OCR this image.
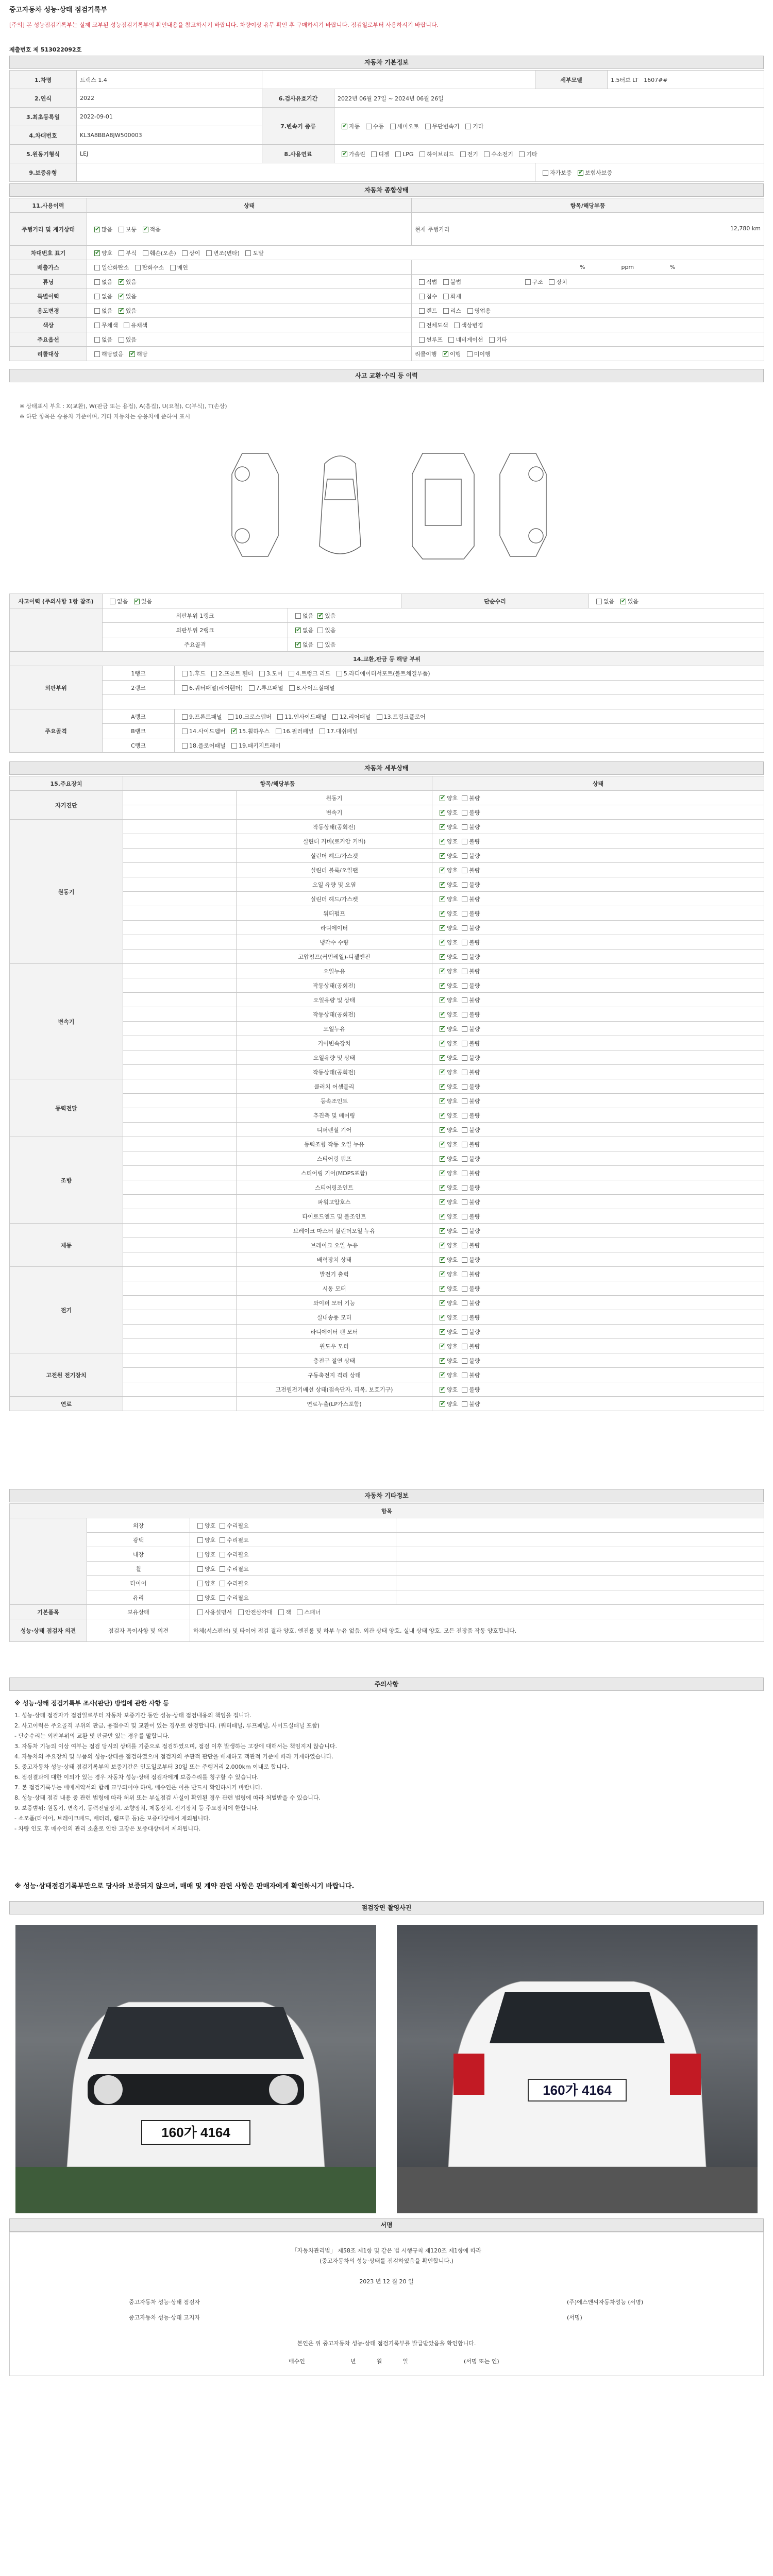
중고자동차 성능·상태 점검기록부
[주의] 본 성능점검기록부는 실제 교부된 성능점검기록부의 확인내용을 참고하시기 바랍니다. 차량이상 유무 확인 후 구매하시기 바랍니다. 점검일로부터 사용하시기 바랍니다.
제출번호 제 513022092호
자동차 기본정보
1.차명	트랙스 1.4			세부모델	1.5터보 LT 1607##
2.연식	2022	6.검사유효기간	2022년 06월 27일 ~ 2024년 06월 26일		
3.최초등록일	2022-09-01	7.변속기 종류	✔자동 수동 세미오토 무단변속기 기타
4.차대번호	KL3A8BBA8JW500003				
5.원동기형식	LEJ	8.사용연료	✔가솔린 디젤 LPG 하이브리드 전기 수소전기 기타
9.보증유형				자가보증 ✔ 보험사보증
자동차 종합상태
11.사용이력	상태	항목/해당부품
주행거리 및 계기상태	✔많음 보통 ✔ 적음	현재 주행거리 12,780 km

차대번호 표기	✔양호 부식 훼손(오손) 상이 변조(변타) 도말
배출가스	일산화탄소 탄화수소 매연	% ppm %
튜닝	없음 ✔ 있음	적법 불법 구조 장치
특별이력	없음 ✔ 있음	침수 화재
용도변경	없음 ✔ 있음	렌트 리스 영업용
색상	무채색 유채색	전체도색 색상변경
주요옵션	없음 있음	썬루프 네비게이션 기타
리콜대상	해당없음 ✔ 해당	리콜이행 ✔ 이행 미이행
사고 교환·수리 등 이력
※ 상태표시 부호 : X(교환), W(판금 또는 용접), A(흠집), U(요철), C(부식), T(손상)
※ 하단 항목은 승용차 기준이며, 기타 자동차는 승용차에 준하여 표시
사고이력 (주의사항 1항 참조)	없음 ✔ 있음			단순수리	없음 ✔ 있음
	외판부위 1랭크		없음 ✔ 있음
	외판부위 2랭크	✔없음 있음
	주요골격	✔없음 있음
14.교환,판금 등 해당 부위					
외판부위	1랭크	1.후드 2.프론트 휀더 3.도어 4.트렁크 리드 5.라디에이터서포트(볼트체결부품)			
	2랭크	6.쿼터패널(리어휀더) 7.루프패널 8.사이드실패널			

주요골격	A랭크	9.프론트패널 10.크로스멤버 11.인사이드패널 12.리어패널 13.트렁크플로어			
	B랭크	14.사이드멤버 ✔ 15.휠하우스 16.필러패널 17.대쉬패널
	C랭크	18.플로어패널 19.패키지트레이			
자동차 세부상태
15.주요장치	항목/해당부품		상태
자기진단		원동기	✔양호 불량
		변속기	✔양호 불량
원동기		작동상태(공회전)	✔양호 불량
		실린더 커버(로커암 커버)	✔양호 불량
		실린더 헤드/가스켓	✔양호 불량
		실린더 블록/오일팬	✔양호 불량
		오일 유량 및 오염	✔양호 불량
		실린더 헤드/가스켓	✔양호 불량
		워터펌프	✔양호 불량
		라디에이터	✔양호 불량
		냉각수 수량	✔양호 불량
		고압펌프(커먼레일)-디젤엔진	✔양호 불량
변속기		오일누유	✔양호 불량
		작동상태(공회전)	✔양호 불량
		오일유량 및 상태	✔양호 불량
		작동상태(공회전)	✔양호 불량
		오일누유	✔양호 불량
		기어변속장치	✔양호 불량
		오일유량 및 상태	✔양호 불량
		작동상태(공회전)	✔양호 불량
동력전달		클러치 어셈블리	✔양호 불량
		등속조인트	✔양호 불량
		추진축 및 베어링	✔양호 불량
		디퍼렌셜 기어	✔양호 불량
조향		동력조향 작동 오일 누유	✔양호 불량
		스티어링 펌프	✔양호 불량
		스티어링 기어(MDPS포함)	✔양호 불량
		스티어링조인트	✔양호 불량
		파워고압호스	✔양호 불량
		타이로드엔드 및 볼조인트	✔양호 불량
제동		브레이크 마스터 실린더오일 누유	✔양호 불량
		브레이크 오일 누유	✔양호 불량
		배력장치 상태	✔양호 불량
전기		발전기 출력	✔양호 불량
		시동 모터	✔양호 불량
		와이퍼 모터 기능	✔양호 불량
		실내송풍 모터	✔양호 불량
		라디에이터 팬 모터	✔양호 불량
		윈도우 모터	✔양호 불량
고전원 전기장치		충전구 절연 상태	✔양호 불량
		구동축전지 격리 상태	✔양호 불량
		고전원전기배선 상태(접속단자, 피복, 보호기구)	✔양호 불량
연료		연료누출(LP가스포함)	✔양호 불량
자동차 기타정보
항목			
	외장	양호 수리필요	
	광택	양호 수리필요	
	내장	양호 수리필요	
	휠	양호 수리필요	
	타이어	양호 수리필요	
	유리	양호 수리필요	
기본품목	보유상태	사용설명서 안전삼각대 잭 스패너	
성능·상태 점검자 의견	점검자 특이사항 및 의견	하체(서스펜션) 및 타이어 점검 결과 양호, 엔진룸 및 하부 누유 없음. 외관 상태 양호, 실내 상태 양호. 모든 전장품 작동 양호합니다.	
주의사항
※ 성능·상태 점검기록부 조사(판단) 방법에 관한 사항 등

1. 성능·상태 점검자가 점검일로부터 자동차 보증기간 동안 성능·상태 점검내용의 책임을 집니다.

2. 사고이력은 주요골격 부위의 판금, 용접수리 및 교환이 있는 경우로 한정합니다. (쿼터패널, 루프패널, 사이드실패널 포함)

- 단순수리는 외판부위의 교환 및 판금만 있는 경우를 말합니다.

3. 자동차 기능의 이상 여부는 점검 당시의 상태를 기준으로 점검하였으며, 점검 이후 발생하는 고장에 대해서는 책임지지 않습니다.

4. 자동차의 주요장치 및 부품의 성능·상태를 점검하였으며 점검자의 주관적 판단을 배제하고 객관적 기준에 따라 기재하였습니다.

5. 중고자동차 성능·상태 점검기록부의 보증기간은 인도일로부터 30일 또는 주행거리 2,000km 이내로 합니다.

6. 점검결과에 대한 이의가 있는 경우 자동차 성능·상태 점검자에게 보증수리를 청구할 수 있습니다.

7. 본 점검기록부는 매매계약서와 함께 교부되어야 하며, 매수인은 이를 반드시 확인하시기 바랍니다.

8. 성능·상태 점검 내용 중 관련 법령에 따라 허위 또는 부실점검 사실이 확인된 경우 관련 법령에 따라 처벌받을 수 있습니다.

9. 보증범위: 원동기, 변속기, 동력전달장치, 조향장치, 제동장치, 전기장치 등 주요장치에 한합니다.

- 소모품(타이어, 브레이크패드, 배터리, 램프류 등)은 보증대상에서 제외됩니다.

- 차량 인도 후 매수인의 관리 소홀로 인한 고장은 보증대상에서 제외됩니다.

※ 성능·상태점검기록부만으로 당사와 보증되지 않으며, 매매 및 계약 관련 사항은 판매자에게 확인하시기 바랍니다.
점검장면 촬영사진
160가 4164
160가 4164
서명
「자동차관리법」 제58조 제1항 및 같은 법 시행규칙 제120조 제1항에 따라
(중고자동차의 성능·상태를 점검하였음을 확인합니다.)
2023 년 12 월 20 일
중고자동차 성능·상태 점검자	(주)에스엔씨자동차성능 (서명)
중고자동차 성능·상태 고지자	(서명)
본인은 위 중고자동차 성능·상태 점검기록부를 발급받았음을 확인합니다.
매수인	년	월	일	(서명 또는 인)
